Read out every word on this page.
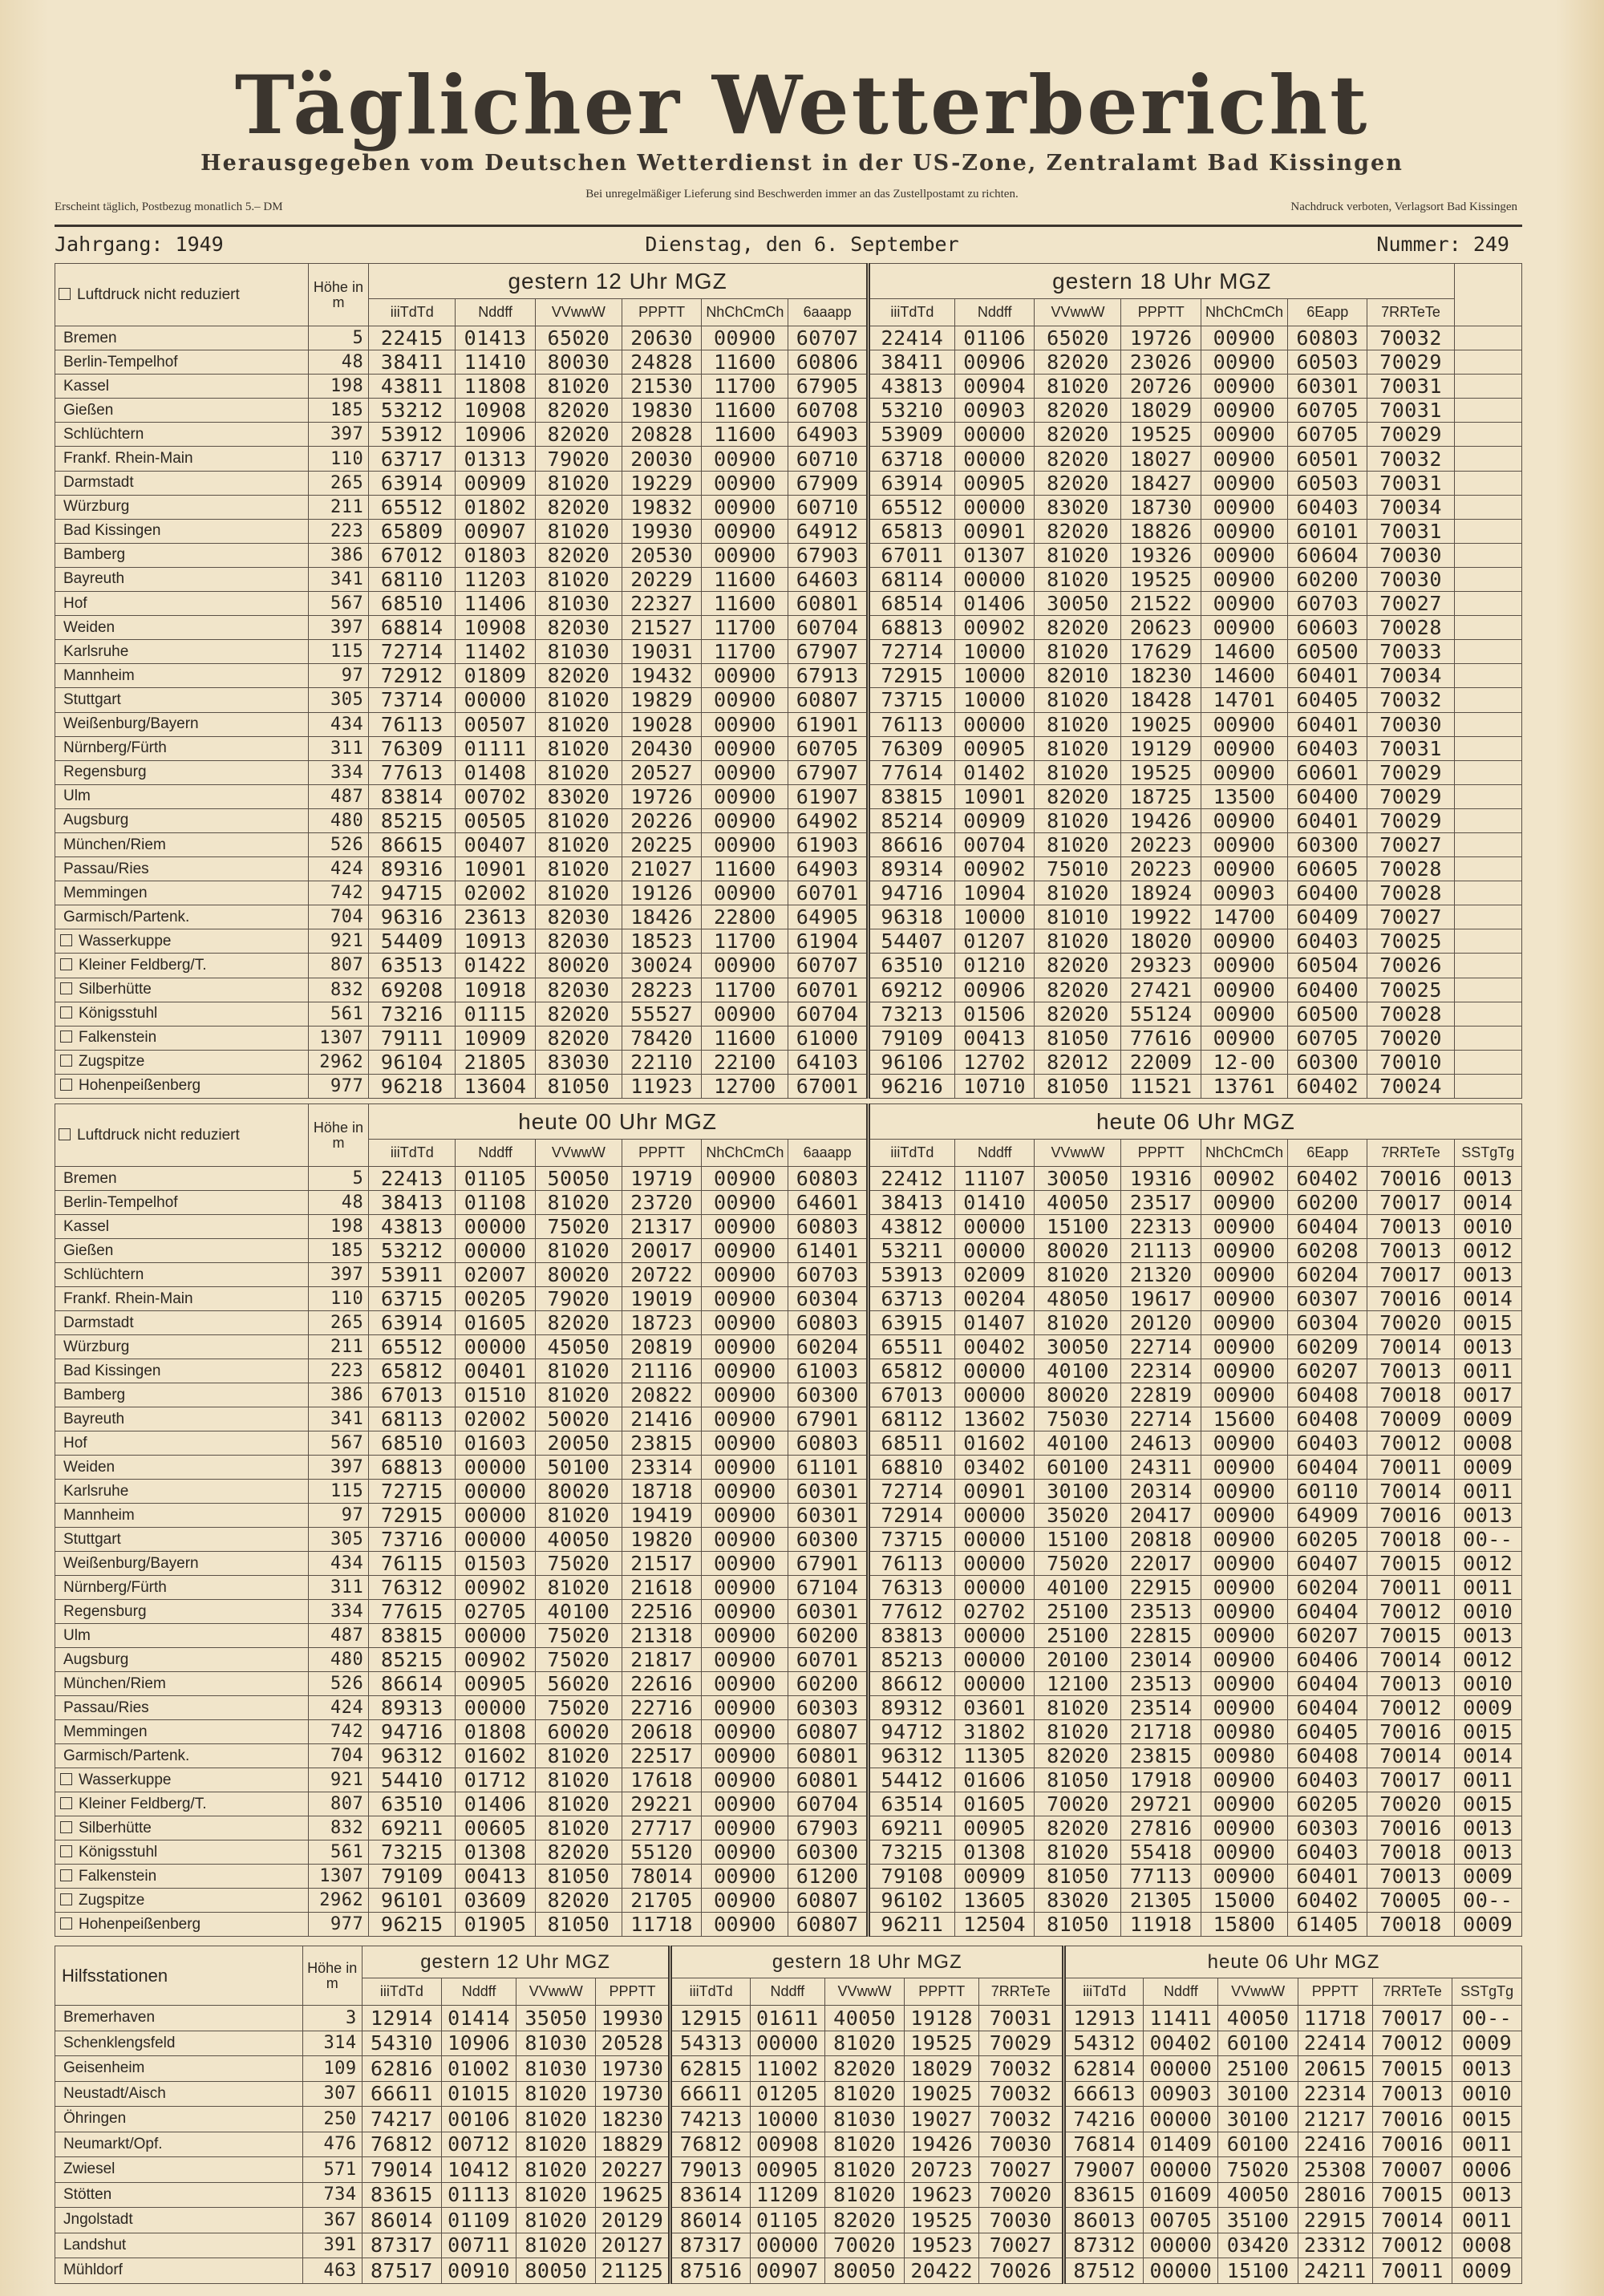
Täglicher Wetterbericht
Herausgegeben vom Deutschen Wetterdienst in der US-Zone, Zentralamt Bad Kissingen
Erscheint täglich, Postbezug monatlich 5.– DM
Bei unregelmäßiger Lieferung sind Beschwerden immer an das Zustellpostamt zu richten.
Nachdruck verboten, Verlagsort Bad Kissingen
Jahrgang: 1949	Dienstag, den 6. September	Nummer: 249
Luftdruck nicht reduziert	Höhe in m	gestern 12 Uhr MGZ						gestern 18 Uhr MGZ							
		iiiTdTd	Nddff	VVwwW	PPPTT	NhChCmCh	6aaapp	iiiTdTd	Nddff	VVwwW	PPPTT	NhChCmCh	6Eapp	7RRTeTe	
Bremen	5	22415	01413	65020	20630	00900	60707	22414	01106	65020	19726	00900	60803	70032	
Berlin-Tempelhof	48	38411	11410	80030	24828	11600	60806	38411	00906	82020	23026	00900	60503	70029	
Kassel	198	43811	11808	81020	21530	11700	67905	43813	00904	81020	20726	00900	60301	70031	
Gießen	185	53212	10908	82020	19830	11600	60708	53210	00903	82020	18029	00900	60705	70031	
Schlüchtern	397	53912	10906	82020	20828	11600	64903	53909	00000	82020	19525	00900	60705	70029	
Frankf. Rhein-Main	110	63717	01313	79020	20030	00900	60710	63718	00000	82020	18027	00900	60501	70032	
Darmstadt	265	63914	00909	81020	19229	00900	67909	63914	00905	82020	18427	00900	60503	70031	
Würzburg	211	65512	01802	82020	19832	00900	60710	65512	00000	83020	18730	00900	60403	70034	
Bad Kissingen	223	65809	00907	81020	19930	00900	64912	65813	00901	82020	18826	00900	60101	70031	
Bamberg	386	67012	01803	82020	20530	00900	67903	67011	01307	81020	19326	00900	60604	70030	
Bayreuth	341	68110	11203	81020	20229	11600	64603	68114	00000	81020	19525	00900	60200	70030	
Hof	567	68510	11406	81030	22327	11600	60801	68514	01406	30050	21522	00900	60703	70027	
Weiden	397	68814	10908	82030	21527	11700	60704	68813	00902	82020	20623	00900	60603	70028	
Karlsruhe	115	72714	11402	81030	19031	11700	67907	72714	10000	81020	17629	14600	60500	70033	
Mannheim	97	72912	01809	82020	19432	00900	67913	72915	10000	82010	18230	14600	60401	70034	
Stuttgart	305	73714	00000	81020	19829	00900	60807	73715	10000	81020	18428	14701	60405	70032	
Weißenburg/Bayern	434	76113	00507	81020	19028	00900	61901	76113	00000	81020	19025	00900	60401	70030	
Nürnberg/Fürth	311	76309	01111	81020	20430	00900	60705	76309	00905	81020	19129	00900	60403	70031	
Regensburg	334	77613	01408	81020	20527	00900	67907	77614	01402	81020	19525	00900	60601	70029	
Ulm	487	83814	00702	83020	19726	00900	61907	83815	10901	82020	18725	13500	60400	70029	
Augsburg	480	85215	00505	81020	20226	00900	64902	85214	00909	81020	19426	00900	60401	70029	
München/Riem	526	86615	00407	81020	20225	00900	61903	86616	00704	81020	20223	00900	60300	70027	
Passau/Ries	424	89316	10901	81020	21027	11600	64903	89314	00902	75010	20223	00900	60605	70028	
Memmingen	742	94715	02002	81020	19126	00900	60701	94716	10904	81020	18924	00903	60400	70028	
Garmisch/Partenk.	704	96316	23613	82030	18426	22800	64905	96318	10000	81010	19922	14700	60409	70027	
Wasserkuppe	921	54409	10913	82030	18523	11700	61904	54407	01207	81020	18020	00900	60403	70025	
Kleiner Feldberg/T.	807	63513	01422	80020	30024	00900	60707	63510	01210	82020	29323	00900	60504	70026	
Silberhütte	832	69208	10918	82030	28223	11700	60701	69212	00906	82020	27421	00900	60400	70025	
Königsstuhl	561	73216	01115	82020	55527	00900	60704	73213	01506	82020	55124	00900	60500	70028	
Falkenstein	1307	79111	10909	82020	78420	11600	61000	79109	00413	81050	77616	00900	60705	70020	
Zugspitze	2962	96104	21805	83030	22110	22100	64103	96106	12702	82012	22009	12-00	60300	70010	
Hohenpeißenberg	977	96218	13604	81050	11923	12700	67001	96216	10710	81050	11521	13761	60402	70024	
Luftdruck nicht reduziert	Höhe in m	heute 00 Uhr MGZ						heute 06 Uhr MGZ							
		iiiTdTd	Nddff	VVwwW	PPPTT	NhChCmCh	6aaapp	iiiTdTd	Nddff	VVwwW	PPPTT	NhChCmCh	6Eapp	7RRTeTe	SSTgTg
Bremen	5	22413	01105	50050	19719	00900	60803	22412	11107	30050	19316	00902	60402	70016	0013
Berlin-Tempelhof	48	38413	01108	81020	23720	00900	64601	38413	01410	40050	23517	00900	60200	70017	0014
Kassel	198	43813	00000	75020	21317	00900	60803	43812	00000	15100	22313	00900	60404	70013	0010
Gießen	185	53212	00000	81020	20017	00900	61401	53211	00000	80020	21113	00900	60208	70013	0012
Schlüchtern	397	53911	02007	80020	20722	00900	60703	53913	02009	81020	21320	00900	60204	70017	0013
Frankf. Rhein-Main	110	63715	00205	79020	19019	00900	60304	63713	00204	48050	19617	00900	60307	70016	0014
Darmstadt	265	63914	01605	82020	18723	00900	60803	63915	01407	81020	20120	00900	60304	70020	0015
Würzburg	211	65512	00000	45050	20819	00900	60204	65511	00402	30050	22714	00900	60209	70014	0013
Bad Kissingen	223	65812	00401	81020	21116	00900	61003	65812	00000	40100	22314	00900	60207	70013	0011
Bamberg	386	67013	01510	81020	20822	00900	60300	67013	00000	80020	22819	00900	60408	70018	0017
Bayreuth	341	68113	02002	50020	21416	00900	67901	68112	13602	75030	22714	15600	60408	70009	0009
Hof	567	68510	01603	20050	23815	00900	60803	68511	01602	40100	24613	00900	60403	70012	0008
Weiden	397	68813	00000	50100	23314	00900	61101	68810	03402	60100	24311	00900	60404	70011	0009
Karlsruhe	115	72715	00000	80020	18718	00900	60301	72714	00901	30100	20314	00900	60110	70014	0011
Mannheim	97	72915	00000	81020	19419	00900	60301	72914	00000	35020	20417	00900	64909	70016	0013
Stuttgart	305	73716	00000	40050	19820	00900	60300	73715	00000	15100	20818	00900	60205	70018	00--
Weißenburg/Bayern	434	76115	01503	75020	21517	00900	67901	76113	00000	75020	22017	00900	60407	70015	0012
Nürnberg/Fürth	311	76312	00902	81020	21618	00900	67104	76313	00000	40100	22915	00900	60204	70011	0011
Regensburg	334	77615	02705	40100	22516	00900	60301	77612	02702	25100	23513	00900	60404	70012	0010
Ulm	487	83815	00000	75020	21318	00900	60200	83813	00000	25100	22815	00900	60207	70015	0013
Augsburg	480	85215	00902	75020	21817	00900	60701	85213	00000	20100	23014	00900	60406	70014	0012
München/Riem	526	86614	00905	56020	22616	00900	60200	86612	00000	12100	23513	00900	60404	70013	0010
Passau/Ries	424	89313	00000	75020	22716	00900	60303	89312	03601	81020	23514	00900	60404	70012	0009
Memmingen	742	94716	01808	60020	20618	00900	60807	94712	31802	81020	21718	00980	60405	70016	0015
Garmisch/Partenk.	704	96312	01602	81020	22517	00900	60801	96312	11305	82020	23815	00980	60408	70014	0014
Wasserkuppe	921	54410	01712	81020	17618	00900	60801	54412	01606	81050	17918	00900	60403	70017	0011
Kleiner Feldberg/T.	807	63510	01406	81020	29221	00900	60704	63514	01605	70020	29721	00900	60205	70020	0015
Silberhütte	832	69211	00605	81020	27717	00900	67903	69211	00905	82020	27816	00900	60303	70016	0013
Königsstuhl	561	73215	01308	82020	55120	00900	60300	73215	01308	81020	55418	00900	60403	70018	0013
Falkenstein	1307	79109	00413	81050	78014	00900	61200	79108	00909	81050	77113	00900	60401	70013	0009
Zugspitze	2962	96101	03609	82020	21705	00900	60807	96102	13605	83020	21305	15000	60402	70005	00--
Hohenpeißenberg	977	96215	01905	81050	11718	00900	60807	96211	12504	81050	11918	15800	61405	70018	0009
Hilfsstationen	Höhe in m	gestern 12 Uhr MGZ				gestern 18 Uhr MGZ					heute 06 Uhr MGZ					
		iiiTdTd	Nddff	VVwwW	PPPTT	iiiTdTd	Nddff	VVwwW	PPPTT	7RRTeTe	iiiTdTd	Nddff	VVwwW	PPPTT	7RRTeTe	SSTgTg
Bremerhaven	3	12914	01414	35050	19930	12915	01611	40050	19128	70031	12913	11411	40050	11718	70017	00--
Schenklengsfeld	314	54310	10906	81030	20528	54313	00000	81020	19525	70029	54312	00402	60100	22414	70012	0009
Geisenheim	109	62816	01002	81030	19730	62815	11002	82020	18029	70032	62814	00000	25100	20615	70015	0013
Neustadt/Aisch	307	66611	01015	81020	19730	66611	01205	81020	19025	70032	66613	00903	30100	22314	70013	0010
Öhringen	250	74217	00106	81020	18230	74213	10000	81030	19027	70032	74216	00000	30100	21217	70016	0015
Neumarkt/Opf.	476	76812	00712	81020	18829	76812	00908	81020	19426	70030	76814	01409	60100	22416	70016	0011
Zwiesel	571	79014	10412	81020	20227	79013	00905	81020	20723	70027	79007	00000	75020	25308	70007	0006
Stötten	734	83615	01113	81020	19625	83614	11209	81020	19623	70020	83615	01609	40050	28016	70015	0013
Jngolstadt	367	86014	01109	81020	20129	86014	01105	82020	19525	70030	86013	00705	35100	22915	70014	0011
Landshut	391	87317	00711	81020	20127	87317	00000	70020	19523	70027	87312	00000	03420	23312	70012	0008
Mühldorf	463	87517	00910	80050	21125	87516	00907	80050	20422	70026	87512	00000	15100	24211	70011	0009
